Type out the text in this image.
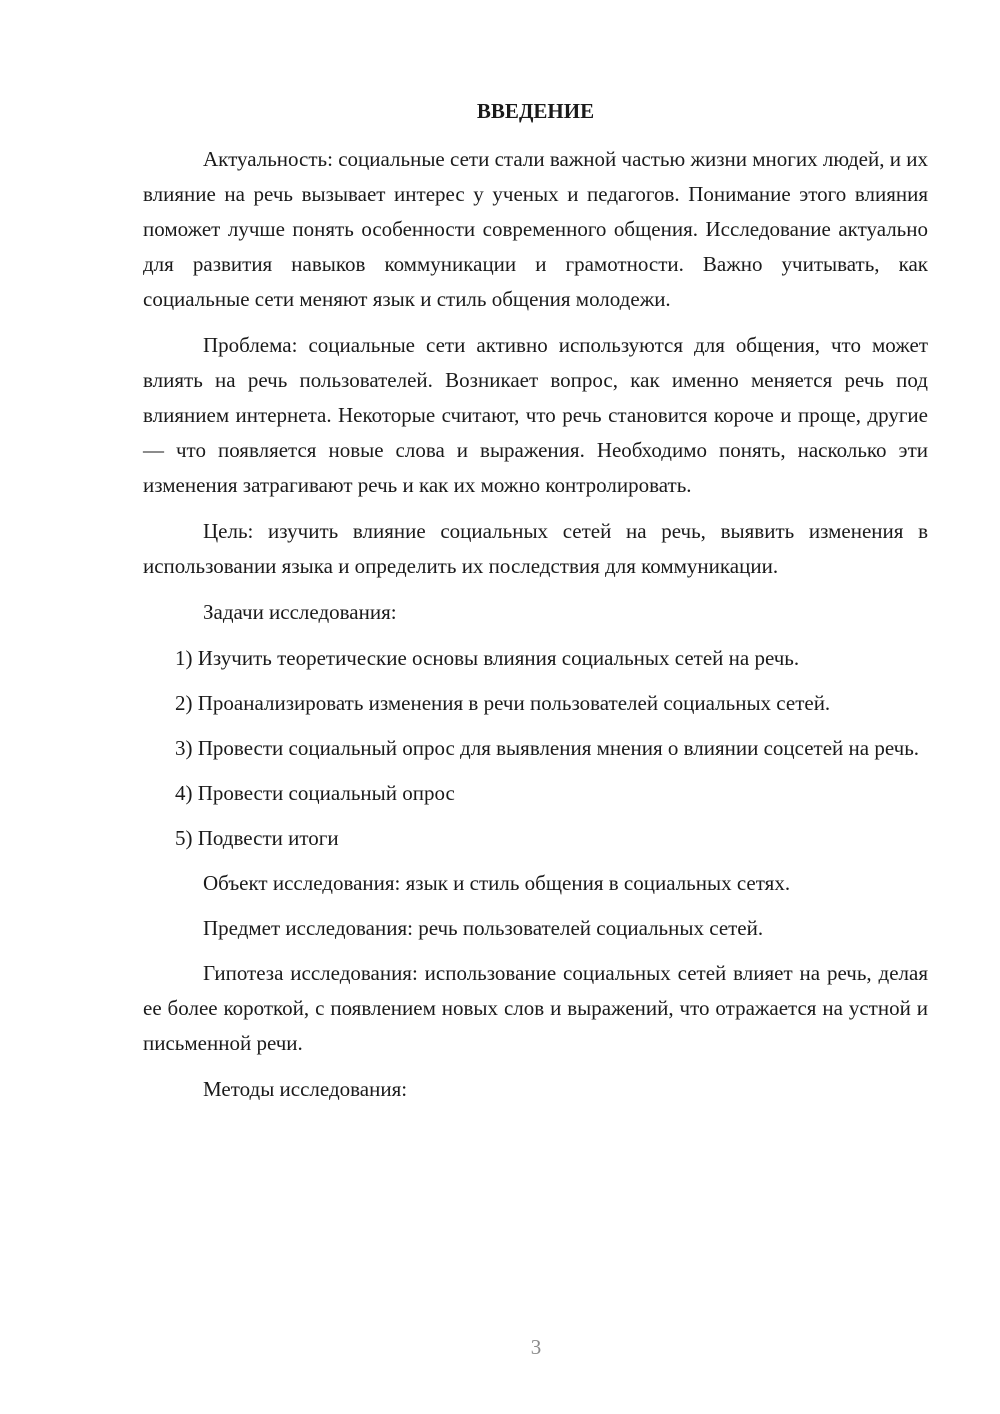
ВВЕДЕНИЕ

Актуальность: социальные сети стали важной частью жизни многих людей, и их влияние на речь вызывает интерес у ученых и педагогов. Понимание этого влияния поможет лучше понять особенности современного общения. Исследование актуально для развития навыков коммуникации и грамотности. Важно учитывать, как социальные сети меняют язык и стиль общения молодежи.

Проблема: социальные сети активно используются для общения, что может влиять на речь пользователей. Возникает вопрос, как именно меняется речь под влиянием интернета. Некоторые считают, что речь становится короче и проще, другие — что появляется новые слова и выражения. Необходимо понять, насколько эти изменения затрагивают речь и как их можно контролировать.

Цель: изучить влияние социальных сетей на речь, выявить изменения в использовании языка и определить их последствия для коммуникации.

Задачи исследования:

1) Изучить теоретические основы влияния социальных сетей на речь.

2) Проанализировать изменения в речи пользователей социальных сетей.

3) Провести социальный опрос для выявления мнения о влиянии соцсетей на речь.

4) Провести социальный опрос

5) Подвести итоги

Объект исследования: язык и стиль общения в социальных сетях.

Предмет исследования: речь пользователей социальных сетей.

Гипотеза исследования: использование социальных сетей влияет на речь, делая ее более короткой, с появлением новых слов и выражений, что отражается на устной и письменной речи.

Методы исследования:

3
